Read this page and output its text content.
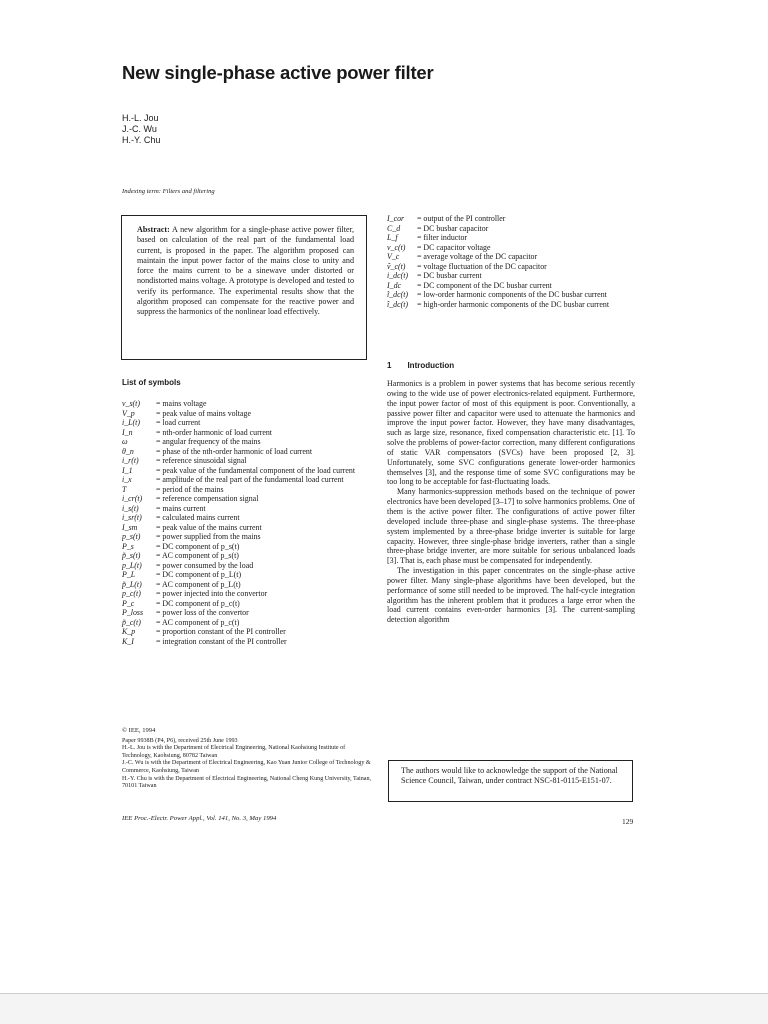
New single-phase active power filter
H.-L. Jou
J.-C. Wu
H.-Y. Chu
Indexing term: Filters and filtering
Abstract: A new algorithm for a single-phase active power filter, based on calculation of the real part of the fundamental load current, is proposed in the paper. The algorithm proposed can maintain the input power factor of the mains close to unity and force the mains current to be a sinewave under distorted or nondistorted mains voltage. A prototype is developed and tested to verify its performance. The experimental results show that the algorithm proposed can compensate for the reactive power and suppress the harmonics of the nonlinear load effectively.
List of symbols
v_s(t)	= mains voltage
V_p	= peak value of mains voltage
i_L(t)	= load current
I_n	= nth-order harmonic of load current
ω	= angular frequency of the mains
θ_n	= phase of the nth-order harmonic of load current
i_r(t)	= reference sinusoidal signal
I_1	= peak value of the fundamental component of the load current
i_x	= amplitude of the real part of the fundamental load current
T	= period of the mains
i_cr(t)	= reference compensation signal
i_s(t)	= mains current
i_sr(t)	= calculated mains current
I_sm	= peak value of the mains current
p_s(t)	= power supplied from the mains
P_s	= DC component of p_s(t)
p̃_s(t)	= AC component of p_s(t)
p_L(t)	= power consumed by the load
P_L	= DC component of p_L(t)
p̃_L(t)	= AC component of p_L(t)
p_c(t)	= power injected into the convertor
P_c	= DC component of p_c(t)
P_loss	= power loss of the convertor
p̃_c(t)	= AC component of p_c(t)
K_p	= proportion constant of the PI controller
K_I	= integration constant of the PI controller
© IEE, 1994
Paper 9938B (P4, P6), received 25th June 1993
H.-L. Jou is with the Department of Electrical Engineering, National Kaohsiung Institute of Technology, Kaohsiung, 80782 Taiwan
J.-C. Wu is with the Department of Electrical Engineering, Kao Yuan Junior College of Technology & Commerce, Kaohsiung, Taiwan
H.-Y. Chu is with the Department of Electrical Engineering, National Cheng Kung University, Tainan, 70101 Taiwan
I_cor	= output of the PI controller
C_d	= DC busbar capacitor
L_f	= filter inductor
v_c(t)	= DC capacitor voltage
V_c	= average voltage of the DC capacitor
ṽ_c(t)	= voltage fluctuation of the DC capacitor
i_dc(t)	= DC busbar current
I_dc	= DC component of the DC busbar current
ĩ_dc(t)	= low-order harmonic components of the DC busbar current
î_dc(t)	= high-order harmonic components of the DC busbar current
1 Introduction

Harmonics is a problem in power systems that has become serious recently owing to the wide use of power electronics-related equipment. Furthermore, the input power factor of most of this equipment is poor. Conventionally, a passive power filter and capacitor were used to attenuate the harmonics and improve the input power factor. However, they have many disadvantages, such as large size, resonance, fixed compensation characteristic etc. [1]. To solve the problems of power-factor correction, many different configurations of static VAR compensators (SVCs) have been proposed [2, 3]. Unfortunately, some SVC configurations generate lower-order harmonics themselves [3], and the response time of some SVC configurations may be too long to be acceptable for fast-fluctuating loads.

Many harmonics-suppression methods based on the technique of power electronics have been developed [3–17] to solve harmonics problems. One of them is the active power filter. The configurations of active power filter developed include three-phase and single-phase systems. The three-phase system implemented by a three-phase bridge inverter is suitable for large capacity. However, three single-phase bridge inverters, rather than a single three-phase bridge inverter, are more suitable for serious unbalanced loads [3]. That is, each phase must be compensated for independently.

The investigation in this paper concentrates on the single-phase active power filter. Many single-phase algorithms have been developed, but the performance of some still needed to be improved. The half-cycle integration algorithm has the inherent problem that it produces a large error when the load current contains even-order harmonics [3]. The current-sampling detection algorithm

The authors would like to acknowledge the support of the National Science Council, Taiwan, under contract NSC-81-0115-E151-07.
IEE Proc.-Electr. Power Appl., Vol. 141, No. 3, May 1994	129
